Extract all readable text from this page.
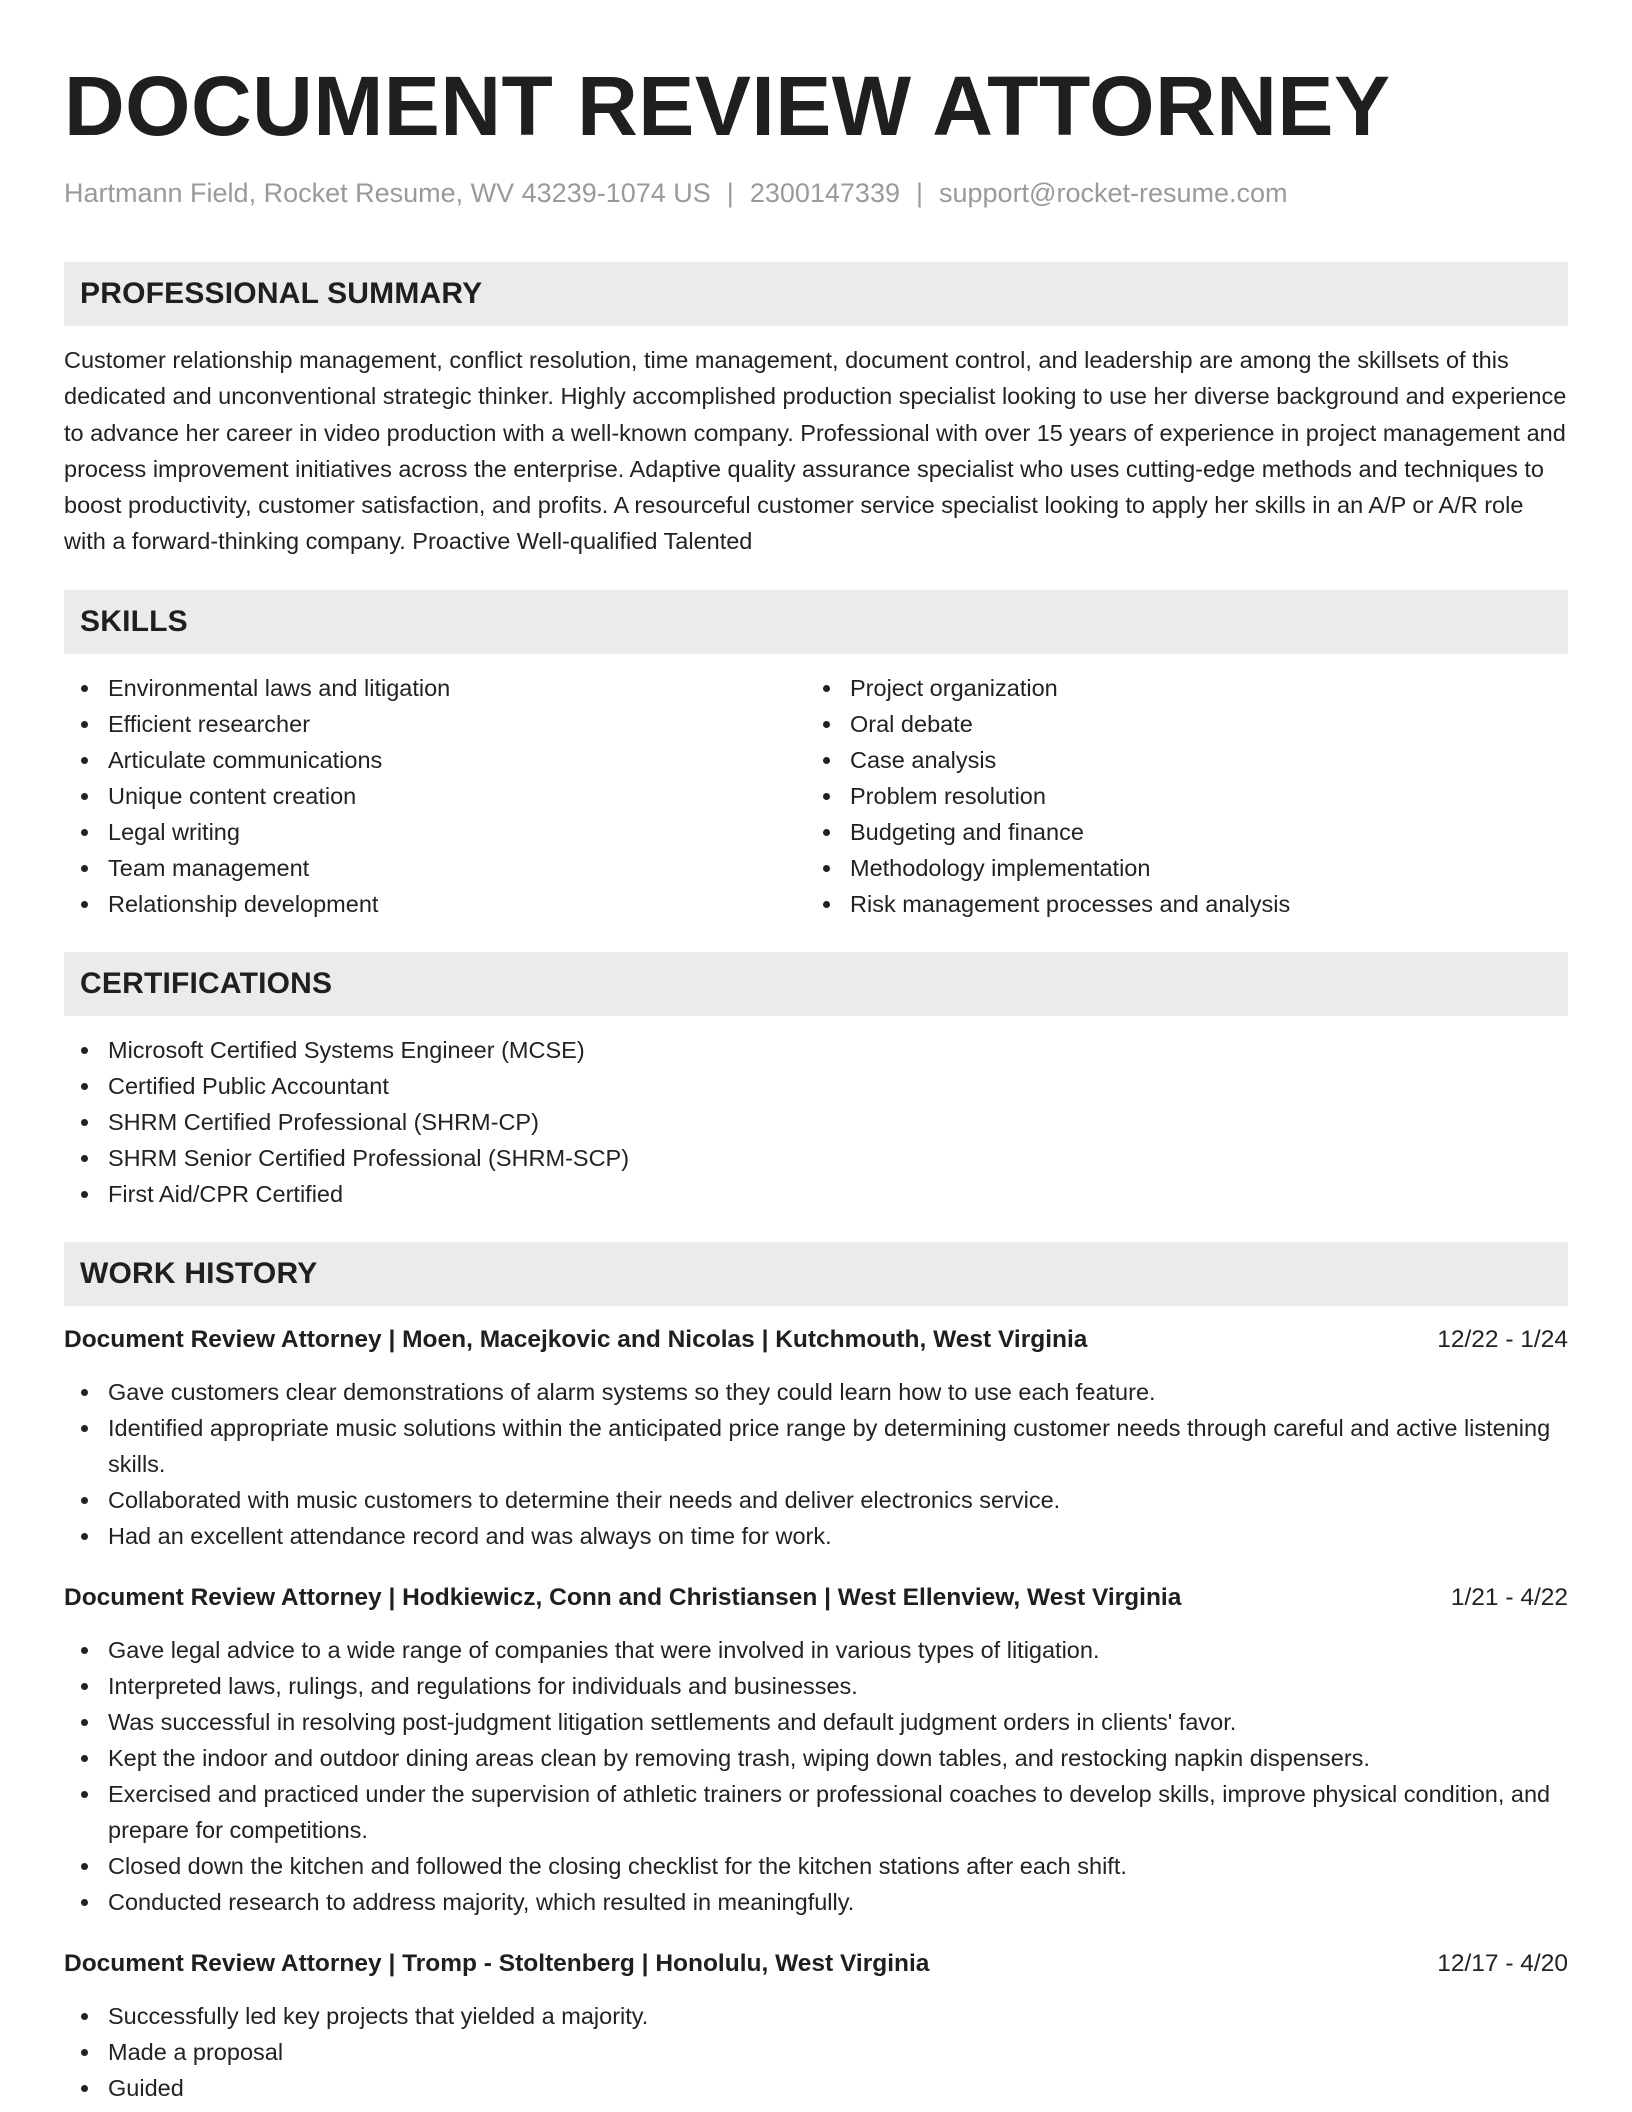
DOCUMENT REVIEW ATTORNEY
Hartmann Field, Rocket Resume, WV 43239-1074 US | 2300147339 | support@rocket-resume.com
PROFESSIONAL SUMMARY

Customer relationship management, conflict resolution, time management, document control, and leadership are among the skillsets of this dedicated and unconventional strategic thinker. Highly accomplished production specialist looking to use her diverse background and experience to advance her career in video production with a well-known company. Professional with over 15 years of experience in project management and process improvement initiatives across the enterprise. Adaptive quality assurance specialist who uses cutting-edge methods and techniques to boost productivity, customer satisfaction, and profits. A resourceful customer service specialist looking to apply her skills in an A/P or A/R role with a forward-thinking company. Proactive Well-qualified Talented

SKILLS
Environmental laws and litigation
Efficient researcher
Articulate communications
Unique content creation
Legal writing
Team management
Relationship development
Project organization
Oral debate
Case analysis
Problem resolution
Budgeting and finance
Methodology implementation
Risk management processes and analysis
CERTIFICATIONS
Microsoft Certified Systems Engineer (MCSE)
Certified Public Accountant
SHRM Certified Professional (SHRM-CP)
SHRM Senior Certified Professional (SHRM-SCP)
First Aid/CPR Certified
WORK HISTORY
Document Review Attorney | Moen, Macejkovic and Nicolas | Kutchmouth, West Virginia	12/22 - 1/24
Gave customers clear demonstrations of alarm systems so they could learn how to use each feature.
Identified appropriate music solutions within the anticipated price range by determining customer needs through careful and active listening skills.
Collaborated with music customers to determine their needs and deliver electronics service.
Had an excellent attendance record and was always on time for work.
Document Review Attorney | Hodkiewicz, Conn and Christiansen | West Ellenview, West Virginia	1/21 - 4/22
Gave legal advice to a wide range of companies that were involved in various types of litigation.
Interpreted laws, rulings, and regulations for individuals and businesses.
Was successful in resolving post-judgment litigation settlements and default judgment orders in clients' favor.
Kept the indoor and outdoor dining areas clean by removing trash, wiping down tables, and restocking napkin dispensers.
Exercised and practiced under the supervision of athletic trainers or professional coaches to develop skills, improve physical condition, and prepare for competitions.
Closed down the kitchen and followed the closing checklist for the kitchen stations after each shift.
Conducted research to address majority, which resulted in meaningfully.
Document Review Attorney | Tromp - Stoltenberg | Honolulu, West Virginia	12/17 - 4/20
Successfully led key projects that yielded a majority.
Made a proposal
Guided
